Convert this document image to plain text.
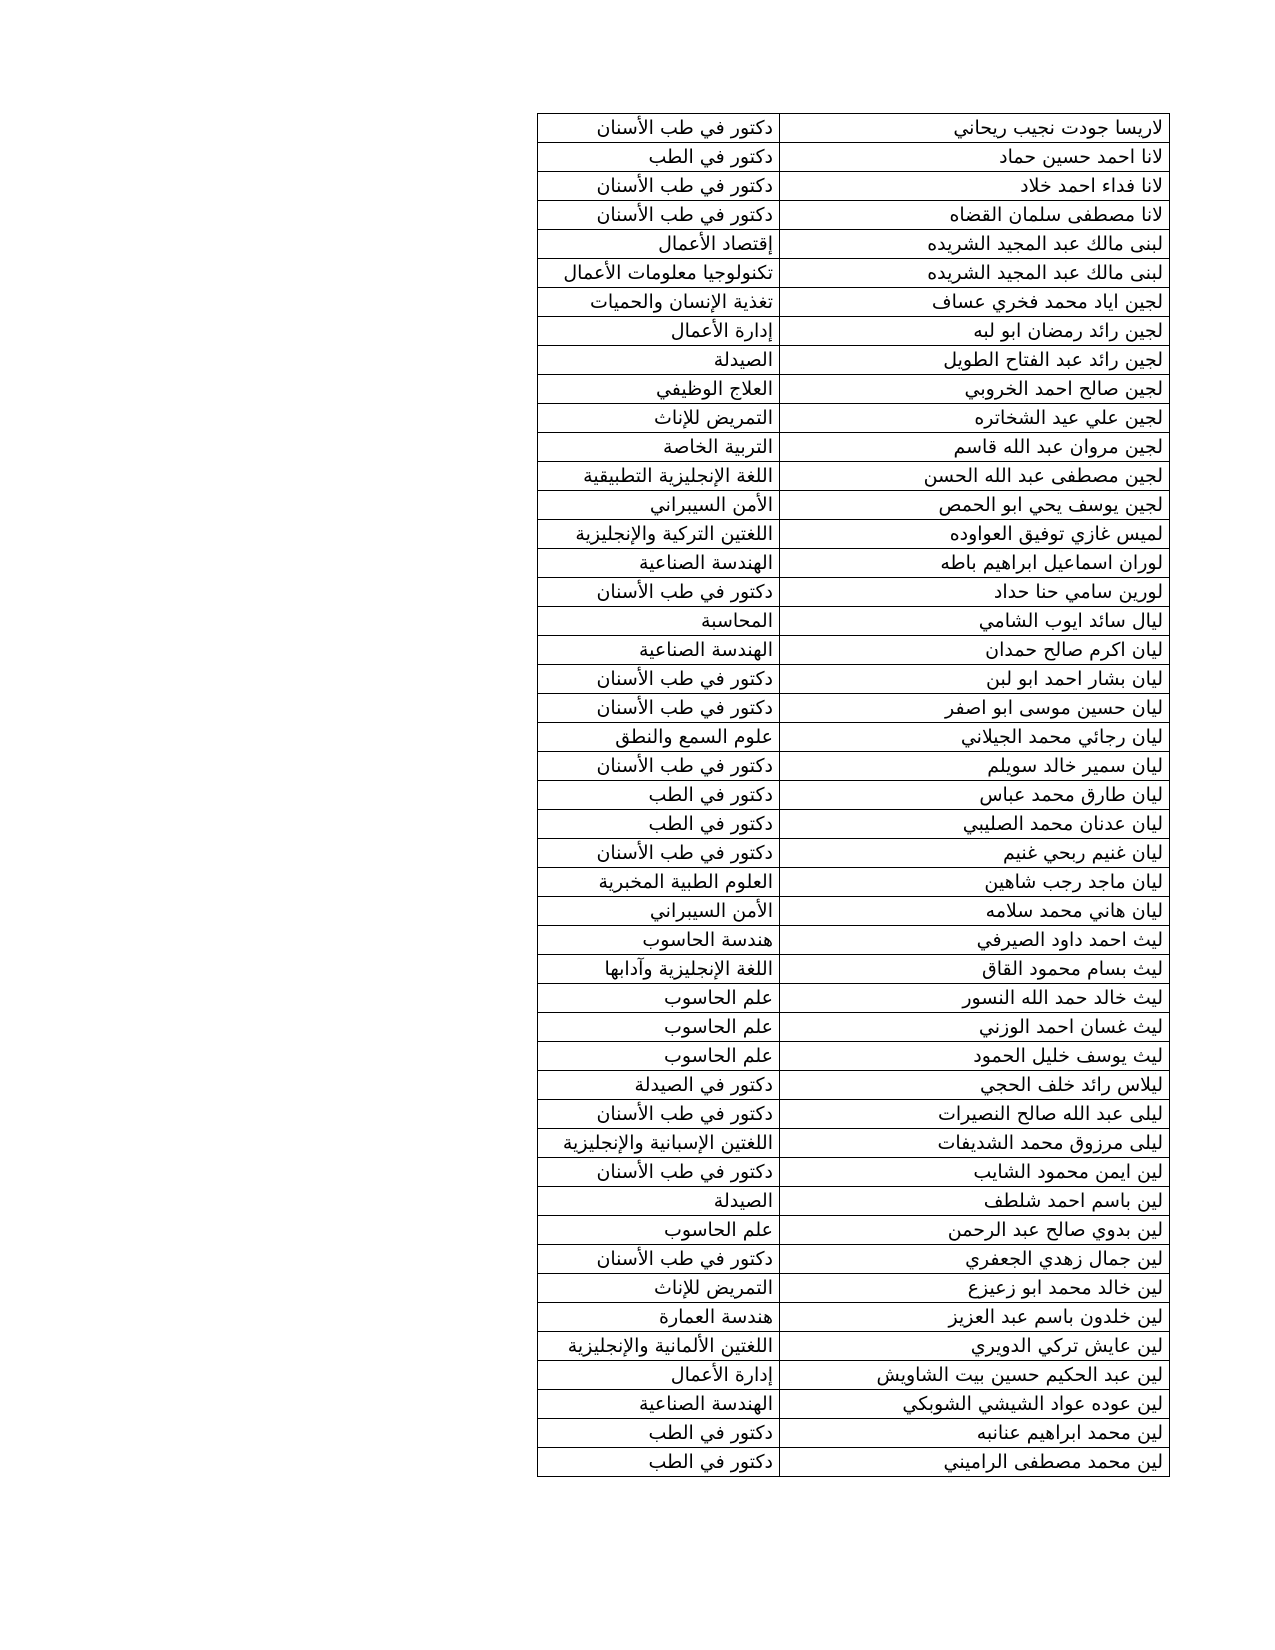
لاريسا جودت نجيب ريحاني	دكتور في طب الأسنان
لانا احمد حسين حماد	دكتور في الطب
لانا فداء احمد خلاد	دكتور في طب الأسنان
لانا مصطفى سلمان القضاه	دكتور في طب الأسنان
لبنى مالك عبد المجيد الشريده	إقتصاد الأعمال
لبنى مالك عبد المجيد الشريده	تكنولوجيا معلومات الأعمال
لجين اياد محمد فخري عساف	تغذية الإنسان والحميات
لجين رائد رمضان ابو لبه	إدارة الأعمال
لجين رائد عبد الفتاح الطويل	الصيدلة
لجين صالح احمد الخروبي	العلاج الوظيفي
لجين علي عيد الشخاتره	التمريض للإناث
لجين مروان عبد الله قاسم	التربية الخاصة
لجين مصطفى عبد الله الحسن	اللغة الإنجليزية التطبيقية
لجين يوسف يحي ابو الحمص	الأمن السيبراني
لميس غازي توفيق العواوده	اللغتين التركية والإنجليزية
لوران اسماعيل ابراهيم باطه	الهندسة الصناعية
لورين سامي حنا حداد	دكتور في طب الأسنان
ليال سائد ايوب الشامي	المحاسبة
ليان اكرم صالح حمدان	الهندسة الصناعية
ليان بشار احمد ابو لبن	دكتور في طب الأسنان
ليان حسين موسى ابو اصفر	دكتور في طب الأسنان
ليان رجائي محمد الجيلاني	علوم السمع والنطق
ليان سمير خالد سويلم	دكتور في طب الأسنان
ليان طارق محمد عباس	دكتور في الطب
ليان عدنان محمد الصليبي	دكتور في الطب
ليان غنيم ربحي غنيم	دكتور في طب الأسنان
ليان ماجد رجب شاهين	العلوم الطبية المخبرية
ليان هاني محمد سلامه	الأمن السيبراني
ليث احمد داود الصيرفي	هندسة الحاسوب
ليث بسام محمود القاق	اللغة الإنجليزية وآدابها
ليث خالد حمد الله النسور	علم الحاسوب
ليث غسان احمد الوزني	علم الحاسوب
ليث يوسف خليل الحمود	علم الحاسوب
ليلاس رائد خلف الحجي	دكتور في الصيدلة
ليلى عبد الله صالح النصيرات	دكتور في طب الأسنان
ليلى مرزوق محمد الشديفات	اللغتين الإسبانية والإنجليزية
لين ايمن محمود الشايب	دكتور في طب الأسنان
لين باسم احمد شلطف	الصيدلة
لين بدوي صالح عبد الرحمن	علم الحاسوب
لين جمال زهدي الجعفري	دكتور في طب الأسنان
لين خالد محمد ابو زعيزع	التمريض للإناث
لين خلدون باسم عبد العزيز	هندسة العمارة
لين عايش تركي الدويري	اللغتين الألمانية والإنجليزية
لين عبد الحكيم حسين بيت الشاويش	إدارة الأعمال
لين عوده عواد الشيشي الشوبكي	الهندسة الصناعية
لين محمد ابراهيم عنانبه	دكتور في الطب
لين محمد مصطفى الراميني	دكتور في الطب
